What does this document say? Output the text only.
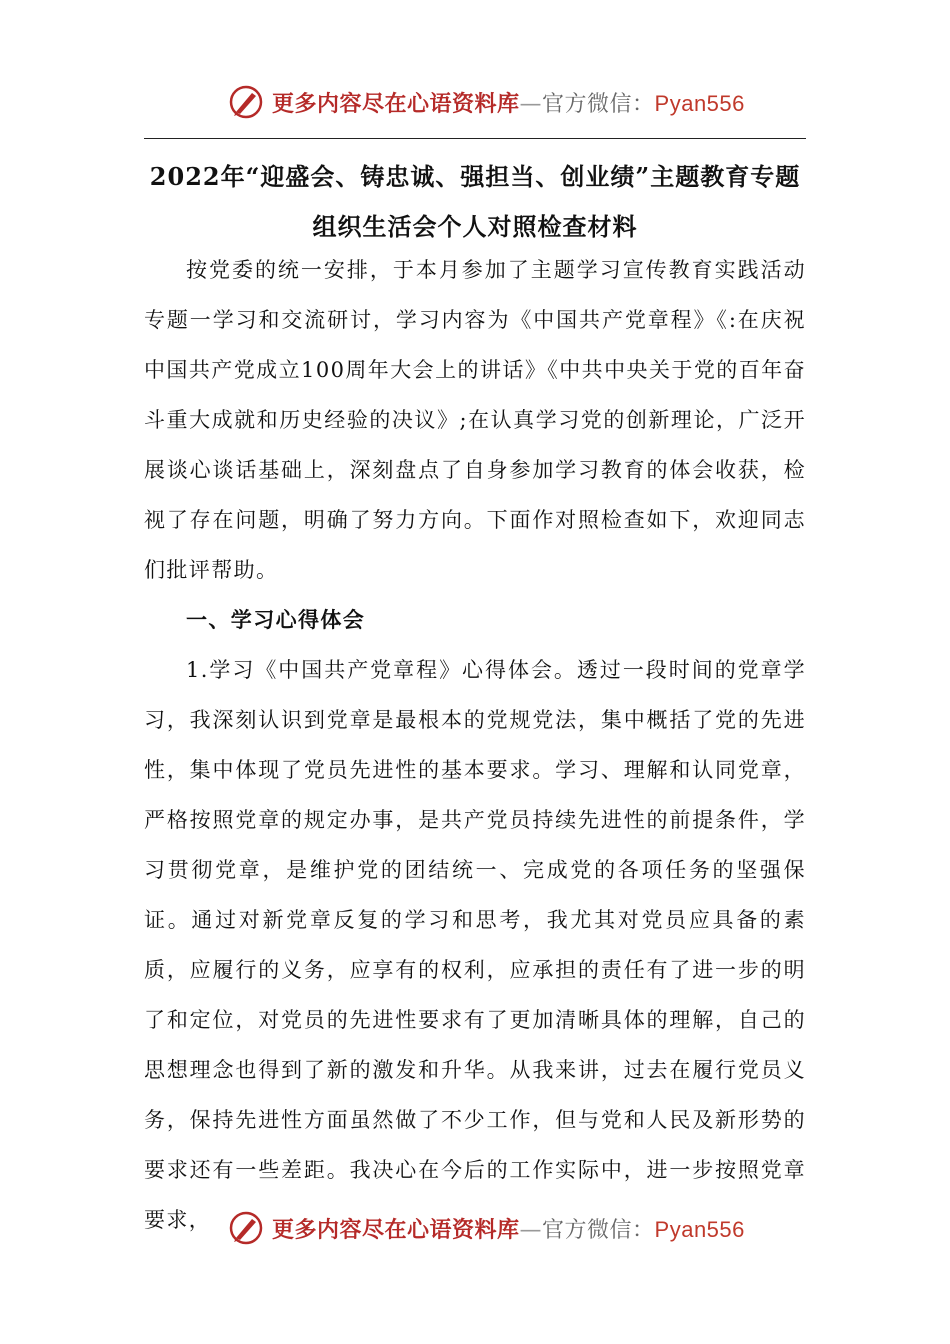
更多内容尽在心语资料库—官方微信：Pyan556
2022年“迎盛会、铸忠诚、强担当、创业绩”主题教育专题组织生活会个人对照检查材料

按党委的统一安排，于本月参加了主题学习宣传教育实践活动专题一学习和交流研讨，学习内容为《中国共产党章程》《:在庆祝中国共产党成立100周年大会上的讲话》《中共中央关于党的百年奋斗重大成就和历史经验的决议》;在认真学习党的创新理论，广泛开展谈心谈话基础上，深刻盘点了自身参加学习教育的体会收获，检视了存在问题，明确了努力方向。下面作对照检查如下，欢迎同志们批评帮助。

一、学习心得体会

1.学习《中国共产党章程》心得体会。透过一段时间的党章学习，我深刻认识到党章是最根本的党规党法，集中概括了党的先进性，集中体现了党员先进性的基本要求。学习、理解和认同党章，严格按照党章的规定办事，是共产党员持续先进性的前提条件，学习贯彻党章，是维护党的团结统一、完成党的各项任务的坚强保证。通过对新党章反复的学习和思考，我尤其对党员应具备的素质，应履行的义务，应享有的权利，应承担的责任有了进一步的明了和定位，对党员的先进性要求有了更加清晰具体的理解，自己的思想理念也得到了新的激发和升华。从我来讲，过去在履行党员义务，保持先进性方面虽然做了不少工作，但与党和人民及新形势的要求还有一些差距。我决心在今后的工作实际中，进一步按照党章要求，	更多内容尽在心语资料库—官方微信：Pyan556
